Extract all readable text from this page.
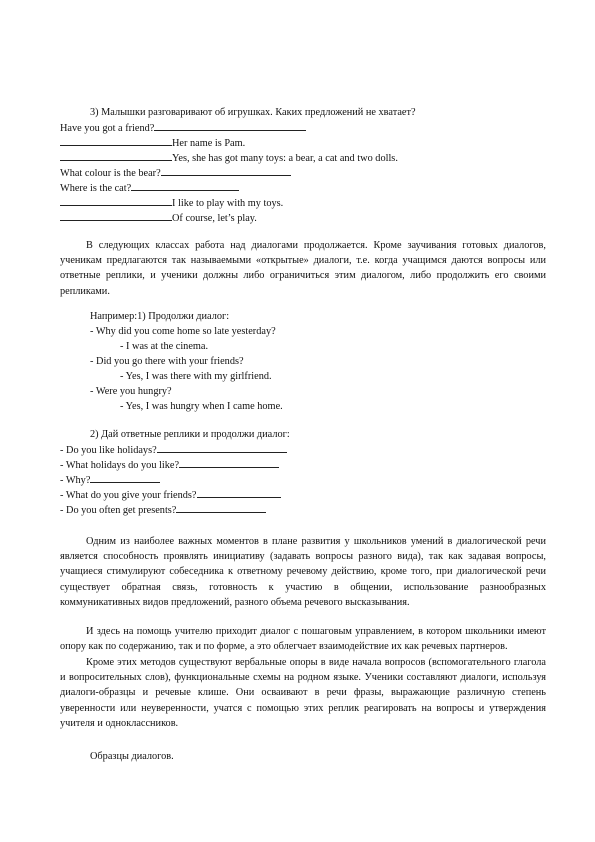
3) Малышки разговаривают об игрушках. Каких предложений не хватает?
Have you got a friend?
Her name is Pam.
Yes, she has got many toys: a bear, a cat and two dolls.
What colour is the bear?
Where is the cat?
I like to play with my toys.
Of course, let’s play.
В следующих классах работа над диалогами продолжается. Кроме заучивания готовых диалогов, ученикам предлагаются так называемыми «открытые» диалоги, т.е. когда учащимся даются вопросы или ответные реплики, и ученики должны либо ограничиться этим диалогом, либо продолжить его своими репликами.
Например:1) Продолжи диалог:
- Why did you come home so late yesterday?
- I was at the cinema.
- Did you go there with your friends?
- Yes, I was there with my girlfriend.
- Were you hungry?
- Yes, I was hungry when I came home.
2) Дай ответные реплики и продолжи диалог:
- Do you like holidays?
- What holidays do you like?
- Why?
- What do you give your friends?
- Do you often get presents?
Одним из наиболее важных моментов в плане развития у школьников умений в диалогической речи является способность проявлять инициативу (задавать вопросы разного вида), так как задавая вопросы, учащиеся стимулируют собеседника к ответному речевому действию, кроме того, при диалогической речи существует обратная связь, готовность к участию в общении, использование разнообразных коммуникативных видов предложений, разного объема речевого высказывания.
И здесь на помощь учителю приходит диалог с пошаговым управлением, в котором школьники имеют опору как по содержанию, так и по форме, а это облегчает взаимодействие их как речевых партнеров.
Кроме этих методов существуют вербальные опоры в виде начала вопросов (вспомогательного глагола и вопросительных слов), функциональные схемы на родном языке. Ученики составляют диалоги, используя диалоги-образцы и речевые клише. Они осваивают в речи фразы, выражающие различную степень уверенности или неуверенности, учатся с помощью этих реплик реагировать на вопросы и утверждения учителя и одноклассников.
Образцы диалогов.
